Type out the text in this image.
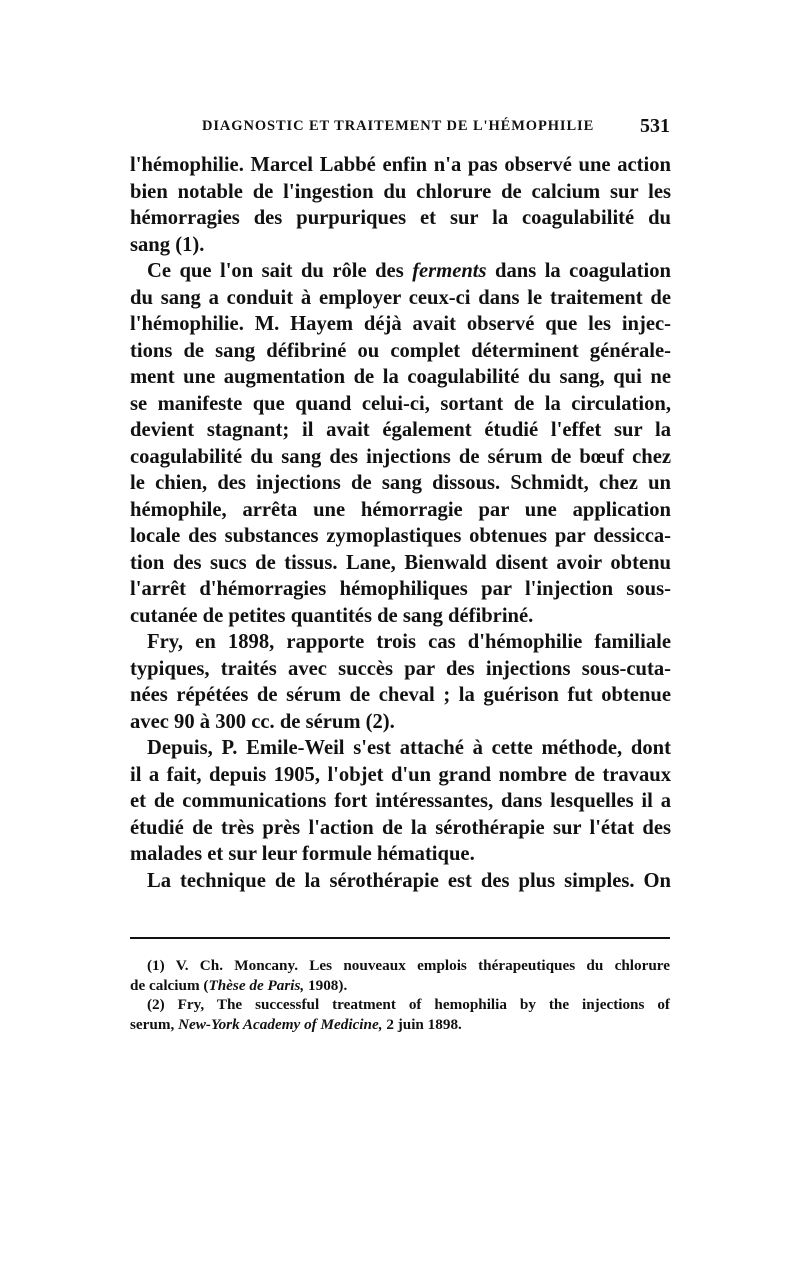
DIAGNOSTIC ET TRAITEMENT DE L'HÉMOPHILIE 531
l'hémophilie. Marcel Labbé enfin n'a pas observé une action
bien notable de l'ingestion du chlorure de calcium sur les
hémorragies des purpuriques et sur la coagulabilité du
sang (1).
Ce que l'on sait du rôle des ferments dans la coagulation
du sang a conduit à employer ceux-ci dans le traitement de
l'hémophilie. M. Hayem déjà avait observé que les injec-
tions de sang défibriné ou complet déterminent générale-
ment une augmentation de la coagulabilité du sang, qui ne
se manifeste que quand celui-ci, sortant de la circulation,
devient stagnant; il avait également étudié l'effet sur la
coagulabilité du sang des injections de sérum de bœuf chez
le chien, des injections de sang dissous. Schmidt, chez un
hémophile, arrêta une hémorragie par une application
locale des substances zymoplastiques obtenues par dessicca-
tion des sucs de tissus. Lane, Bienwald disent avoir obtenu
l'arrêt d'hémorragies hémophiliques par l'injection sous-
cutanée de petites quantités de sang défibriné.
Fry, en 1898, rapporte trois cas d'hémophilie familiale
typiques, traités avec succès par des injections sous-cuta-
nées répétées de sérum de cheval ; la guérison fut obtenue
avec 90 à 300 cc. de sérum (2).
Depuis, P. Emile-Weil s'est attaché à cette méthode, dont
il a fait, depuis 1905, l'objet d'un grand nombre de travaux
et de communications fort intéressantes, dans lesquelles il a
étudié de très près l'action de la sérothérapie sur l'état des
malades et sur leur formule hématique.
La technique de la sérothérapie est des plus simples. On
(1) V. Ch. Moncany. Les nouveaux emplois thérapeutiques du chlorure
de calcium (Thèse de Paris, 1908).
(2) Fry, The successful treatment of hemophilia by the injections of
serum, New-York Academy of Medicine, 2 juin 1898.
